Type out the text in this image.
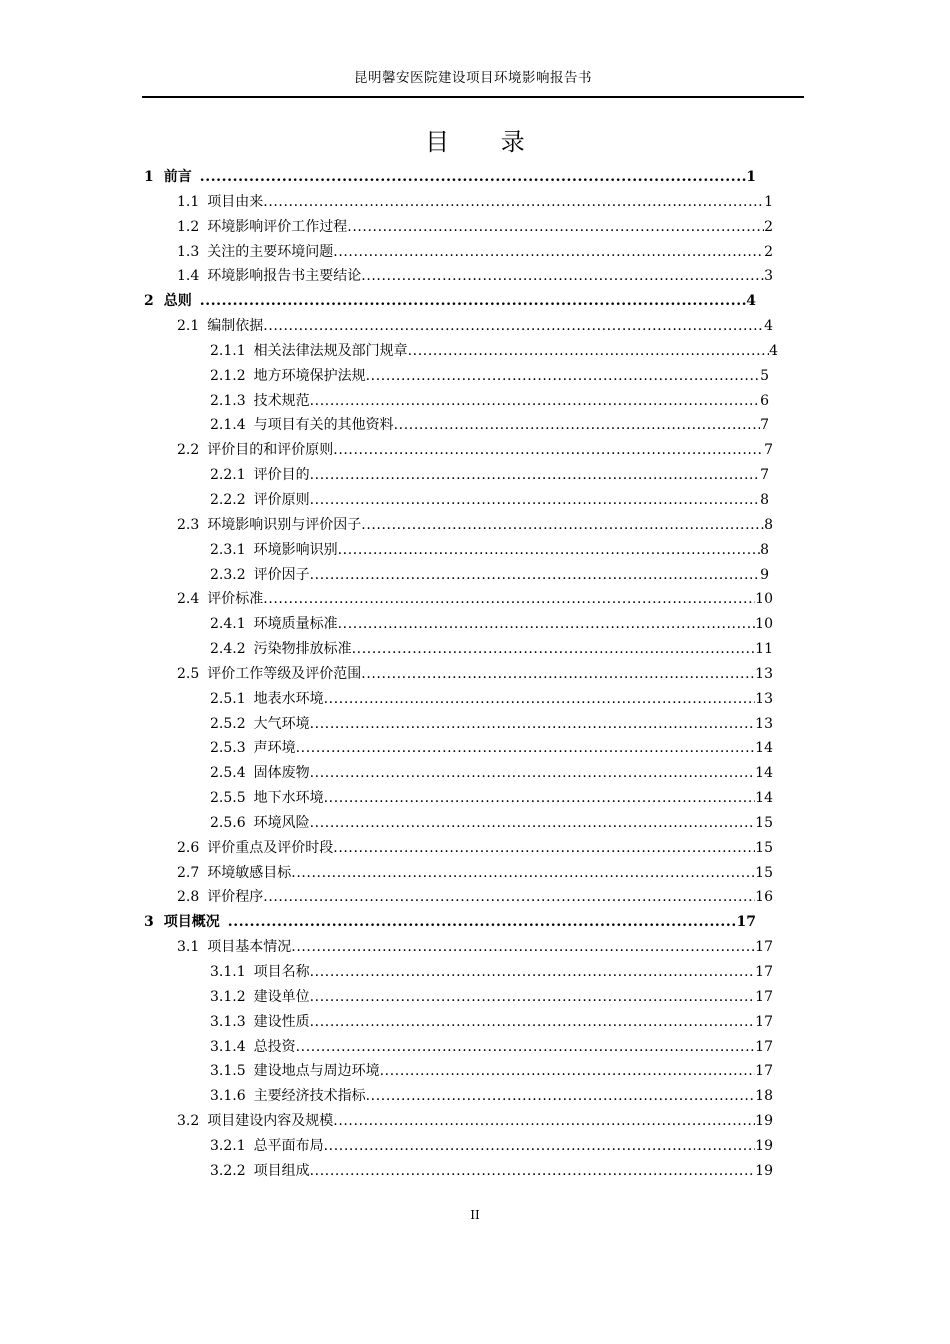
昆明馨安医院建设项目环境影响报告书
目 录
1 前言 .....	1
1.1 项目由来 .....	1
1.2 环境影响评价工作过程 .....	2
1.3 关注的主要环境问题 .....	2
1.4 环境影响报告书主要结论 .....	3
2 总则 .....	4
2.1 编制依据 .....	4
2.1.1 相关法律法规及部门规章 .....	4
2.1.2 地方环境保护法规 .....	5
2.1.3 技术规范 .....	6
2.1.4 与项目有关的其他资料 .....	7
2.2 评价目的和评价原则 .....	7
2.2.1 评价目的 .....	7
2.2.2 评价原则 .....	8
2.3 环境影响识别与评价因子 .....	8
2.3.1 环境影响识别 .....	8
2.3.2 评价因子 .....	9
2.4 评价标准 .....	10
2.4.1 环境质量标准 .....	10
2.4.2 污染物排放标准 .....	11
2.5 评价工作等级及评价范围 .....	13
2.5.1 地表水环境 .....	13
2.5.2 大气环境 .....	13
2.5.3 声环境 .....	14
2.5.4 固体废物 .....	14
2.5.5 地下水环境 .....	14
2.5.6 环境风险 .....	15
2.6 评价重点及评价时段 .....	15
2.7 环境敏感目标 .....	15
2.8 评价程序 .....	16
3 项目概况 .....	17
3.1 项目基本情况 .....	17
3.1.1 项目名称 .....	17
3.1.2 建设单位 .....	17
3.1.3 建设性质 .....	17
3.1.4 总投资 .....	17
3.1.5 建设地点与周边环境 .....	17
3.1.6 主要经济技术指标 .....	18
3.2 项目建设内容及规模 .....	19
3.2.1 总平面布局 .....	19
3.2.2 项目组成 .....	19
II
